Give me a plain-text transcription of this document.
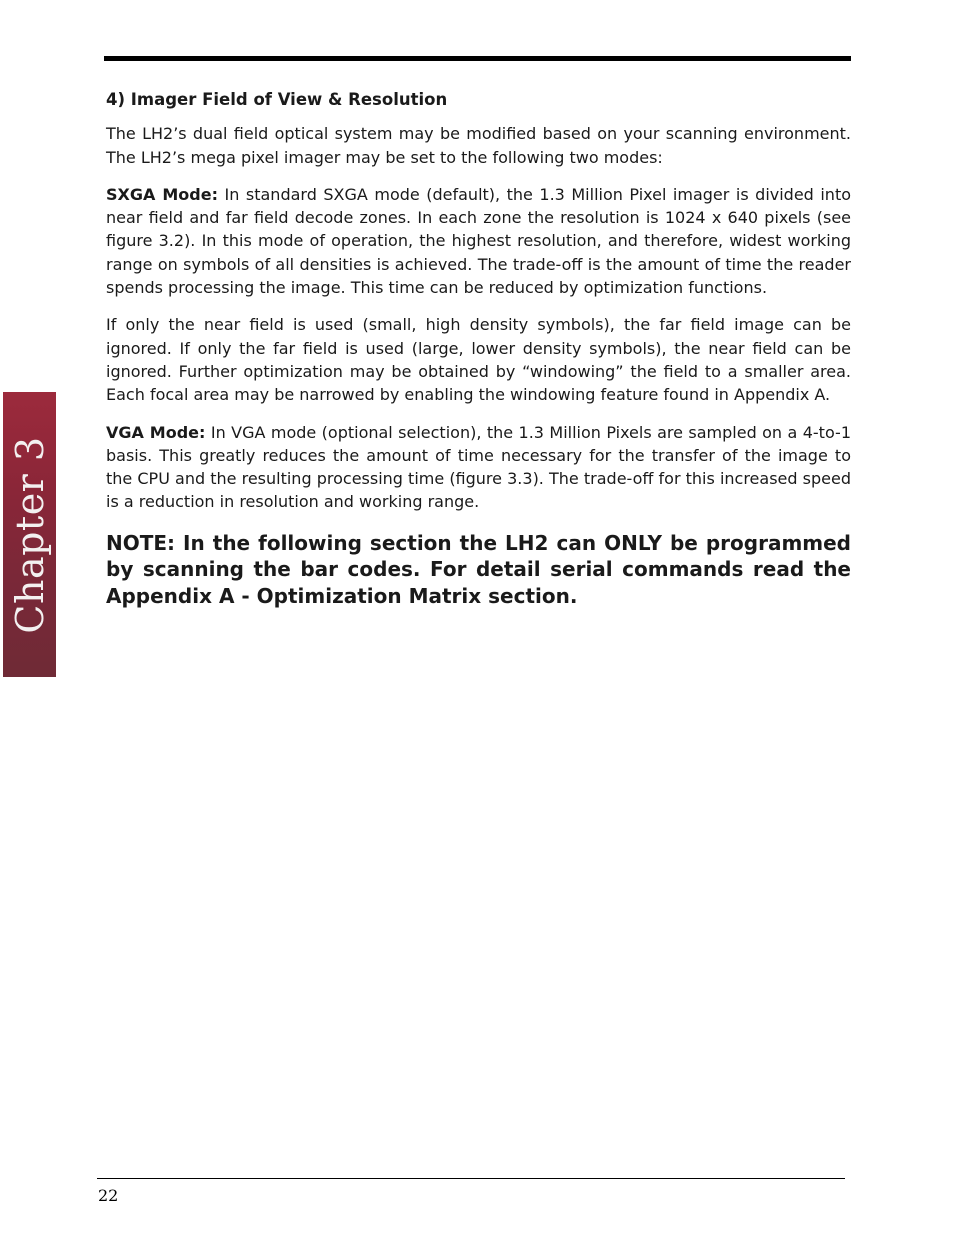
Chapter 3
4) Imager Field of View & Resolution

The LH2’s dual field optical system may be modified based on your scanning environment. The LH2’s mega pixel imager may be set to the following two modes:

SXGA Mode: In standard SXGA mode (default), the 1.3 Million Pixel imager is divided into near field and far field decode zones. In each zone the resolution is 1024 x 640 pixels (see figure 3.2). In this mode of operation, the highest resolution, and therefore, widest working range on symbols of all densities is achieved. The trade-off is the amount of time the reader spends processing the image. This time can be reduced by optimization functions.

If only the near field is used (small, high density symbols), the far field image can be ignored. If only the far field is used (large, lower density symbols), the near field can be ignored. Further optimization may be obtained by “windowing” the field to a smaller area. Each focal area may be narrowed by enabling the windowing feature found in Appendix A.

VGA Mode: In VGA mode (optional selection), the 1.3 Million Pixels are sampled on a 4-to-1 basis. This greatly reduces the amount of time necessary for the transfer of the image to the CPU and the resulting processing time (figure 3.3). The trade-off for this increased speed is a reduction in resolution and working range.

NOTE: In the following section the LH2 can ONLY be programmed by scanning the bar codes. For detail serial commands read the Appendix A - Optimization Matrix section.
22
